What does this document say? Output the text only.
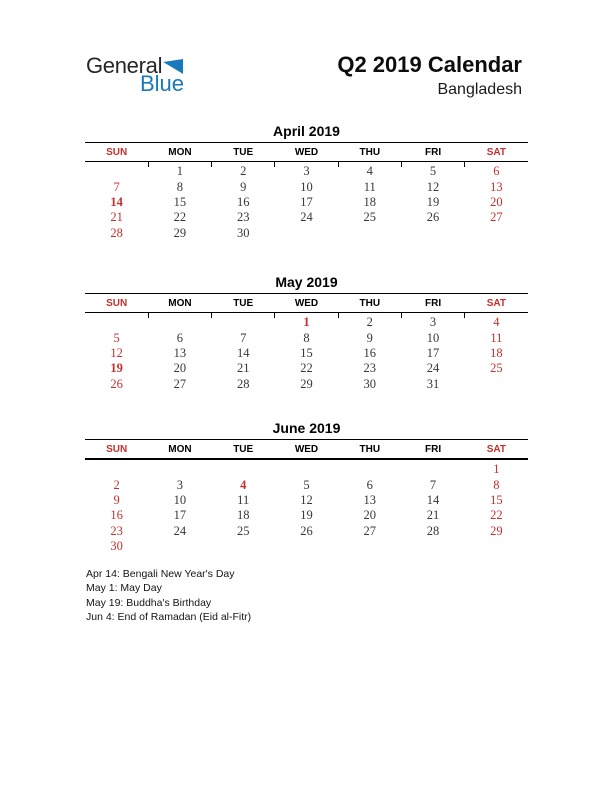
General
Blue
Q2 2019 Calendar
Bangladesh
April 2019
SUN	MON	TUE	WED	THU	FRI	SAT
	1	2	3	4	5	6
7	8	9	10	11	12	13
14	15	16	17	18	19	20
21	22	23	24	25	26	27
28	29	30				
May 2019
SUN	MON	TUE	WED	THU	FRI	SAT
			1	2	3	4
5	6	7	8	9	10	11
12	13	14	15	16	17	18
19	20	21	22	23	24	25
26	27	28	29	30	31	
June 2019
SUN	MON	TUE	WED	THU	FRI	SAT
						1
2	3	4	5	6	7	8
9	10	11	12	13	14	15
16	17	18	19	20	21	22
23	24	25	26	27	28	29
30						
Apr 14: Bengali New Year's Day
May 1: May Day
May 19: Buddha's Birthday
Jun 4: End of Ramadan (Eid al-Fitr)
